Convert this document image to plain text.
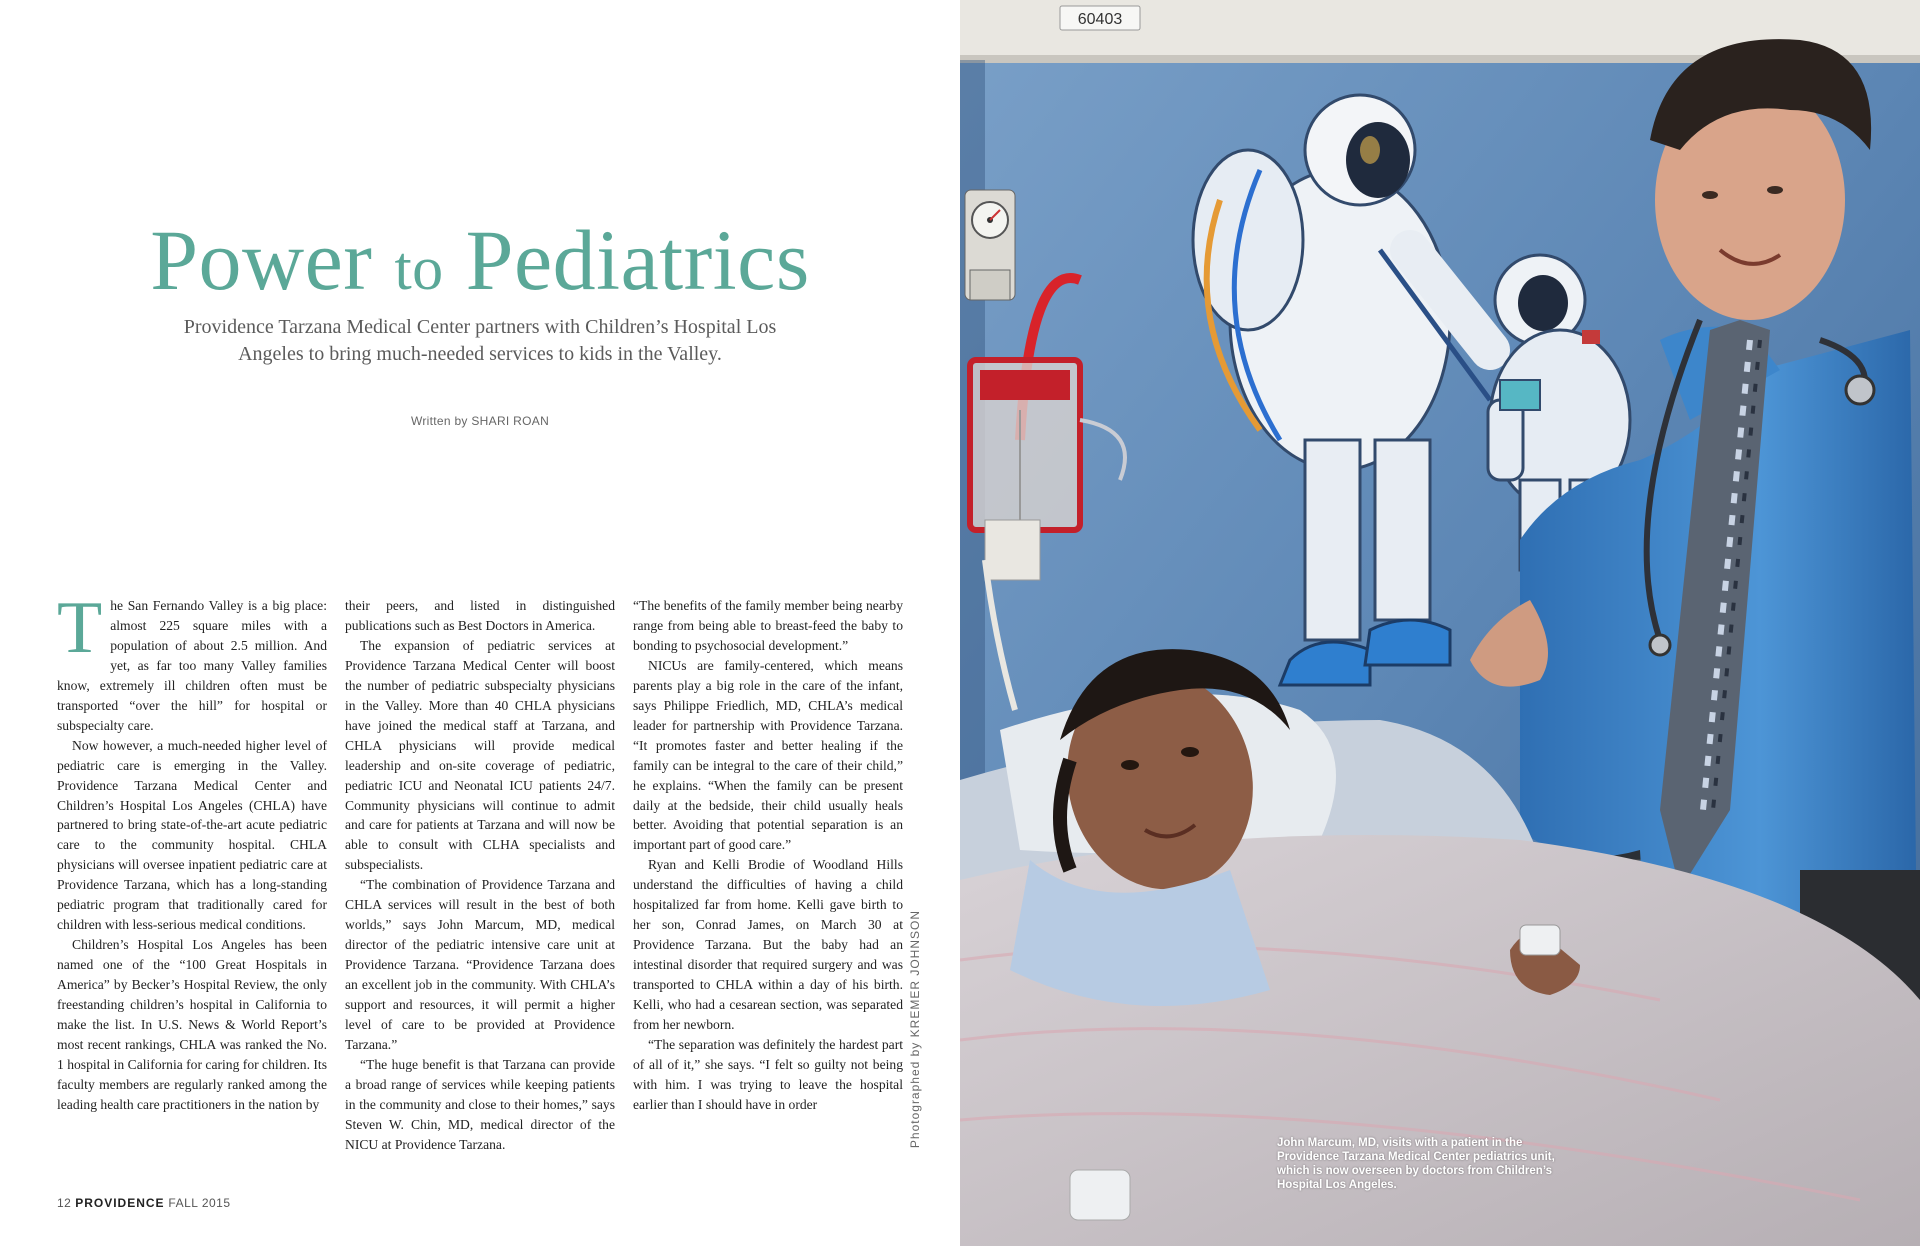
Power to Pediatrics

Providence Tarzana Medical Center partners with Children’s Hospital Los Angeles to bring much-needed services to kids in the Valley.

Written by SHARI ROAN

The San Fernando Valley is a big place: almost 225 square miles with a population of about 2.5 million. And yet, as far too many Valley families know, extremely ill children often must be transported “over the hill” for hospital or subspecialty care.

Now however, a much-needed higher level of pediatric care is emerging in the Valley. Providence Tarzana Medical Center and Children’s Hospital Los Angeles (CHLA) have partnered to bring state-of-the-art acute pediatric care to the community hospital. CHLA physicians will oversee inpatient pediatric care at Providence Tarzana, which has a long-standing pediatric program that traditionally cared for children with less-serious medical conditions.

Children’s Hospital Los Angeles has been named one of the “100 Great Hospitals in America” by Becker’s Hospital Review, the only freestanding children’s hospital in California to make the list. In U.S. News & World Report’s most recent rankings, CHLA was ranked the No. 1 hospital in California for caring for children. Its faculty members are regularly ranked among the leading health care practitioners in the nation by

their peers, and listed in distinguished publications such as Best Doctors in America.

The expansion of pediatric services at Providence Tarzana Medical Center will boost the number of pediatric subspecialty physicians in the Valley. More than 40 CHLA physicians have joined the medical staff at Tarzana, and CHLA physicians will provide medical leadership and on-site coverage of pediatric, pediatric ICU and Neonatal ICU patients 24/7. Community physicians will continue to admit and care for patients at Tarzana and will now be able to consult with CLHA specialists and subspecialists.

“The combination of Providence Tarzana and CHLA services will result in the best of both worlds,” says John Marcum, MD, medical director of the pediatric intensive care unit at Providence Tarzana. “Providence Tarzana does an excellent job in the community. With CHLA’s support and resources, it will permit a higher level of care to be provided at Providence Tarzana.”

“The huge benefit is that Tarzana can provide a broad range of services while keeping patients in the community and close to their homes,” says Steven W. Chin, MD, medical director of the NICU at Providence Tarzana.

“The benefits of the family member being nearby range from being able to breast-feed the baby to bonding to psychosocial development.”

NICUs are family-centered, which means parents play a big role in the care of the infant, says Philippe Friedlich, MD, CHLA’s medical leader for partnership with Providence Tarzana. “It promotes faster and better healing if the family can be integral to the care of their child,” he explains. “When the family can be present daily at the bedside, their child usually heals better. Avoiding that potential separation is an important part of good care.”

Ryan and Kelli Brodie of Woodland Hills understand the difficulties of having a child hospitalized far from home. Kelli gave birth to her son, Conrad James, on March 30 at Providence Tarzana. But the baby had an intestinal disorder that required surgery and was transported to CHLA within a day of his birth. Kelli, who had a cesarean section, was separated from her newborn.

“The separation was definitely the hardest part of all of it,” she says. “I felt so guilty not being with him. I was trying to leave the hospital earlier than I should have in order	Photographed by KREMER JOHNSON
12 PROVIDENCE FALL 2015
60403
John Marcum, MD, visits with a patient in the Providence Tarzana Medical Center pediatrics unit, which is now overseen by doctors from Children’s Hospital Los Angeles.
